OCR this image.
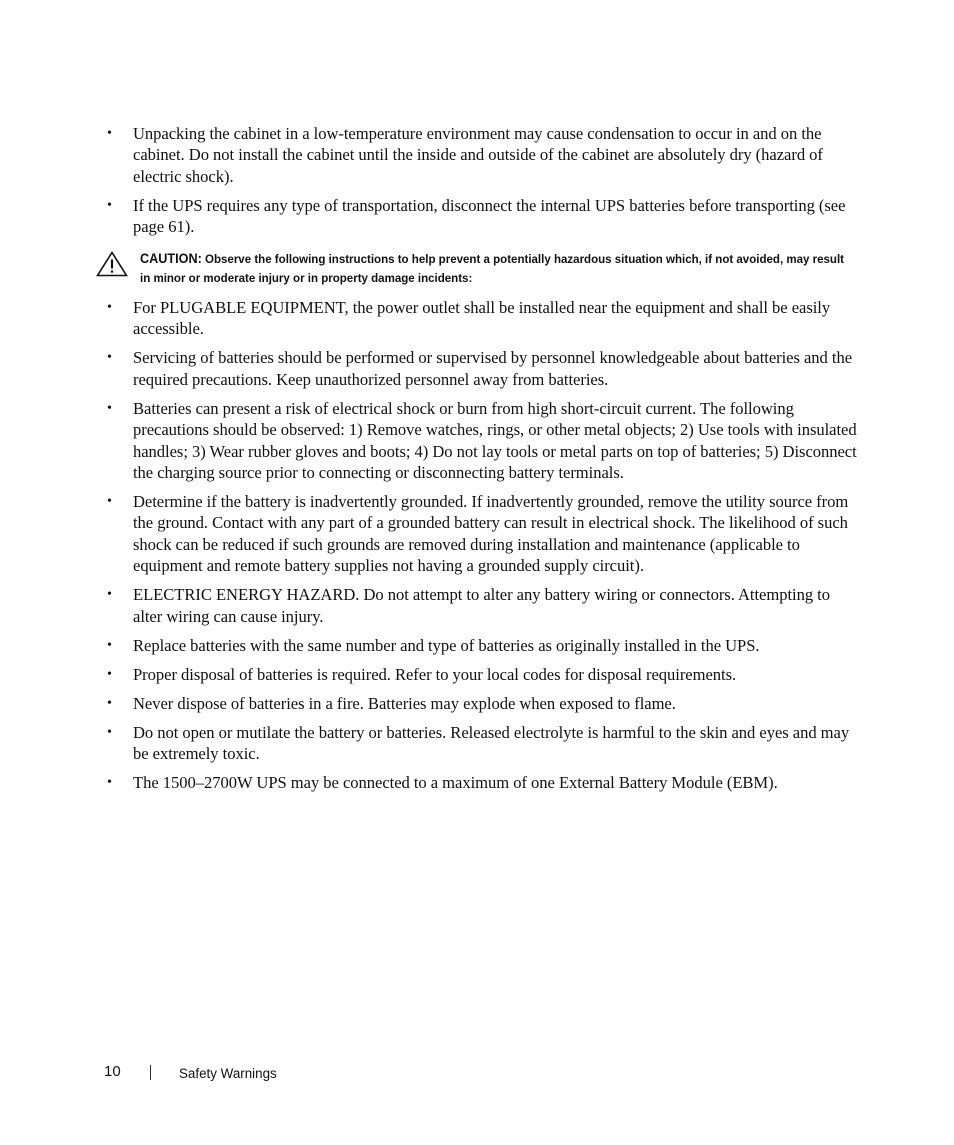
• Unpacking the cabinet in a low-temperature environment may cause condensation to occur in and on the cabinet. Do not install the cabinet until the inside and outside of the cabinet are absolutely dry (hazard of electric shock).
• If the UPS requires any type of transportation, disconnect the internal UPS batteries before transporting (see page 61).
CAUTION: Observe the following instructions to help prevent a potentially hazardous situation which, if not avoided, may result in minor or moderate injury or in property damage incidents:
• For PLUGABLE EQUIPMENT, the power outlet shall be installed near the equipment and shall be easily accessible.
• Servicing of batteries should be performed or supervised by personnel knowledgeable about batteries and the required precautions. Keep unauthorized personnel away from batteries.
• Batteries can present a risk of electrical shock or burn from high short-circuit current. The following precautions should be observed: 1) Remove watches, rings, or other metal objects; 2) Use tools with insulated handles; 3) Wear rubber gloves and boots; 4) Do not lay tools or metal parts on top of batteries; 5) Disconnect the charging source prior to connecting or disconnecting battery terminals.
• Determine if the battery is inadvertently grounded. If inadvertently grounded, remove the utility source from the ground. Contact with any part of a grounded battery can result in electrical shock. The likelihood of such shock can be reduced if such grounds are removed during installation and maintenance (applicable to equipment and remote battery supplies not having a grounded supply circuit).
• ELECTRIC ENERGY HAZARD. Do not attempt to alter any battery wiring or connectors. Attempting to alter wiring can cause injury.
• Replace batteries with the same number and type of batteries as originally installed in the UPS.
• Proper disposal of batteries is required. Refer to your local codes for disposal requirements.
• Never dispose of batteries in a fire. Batteries may explode when exposed to flame.
• Do not open or mutilate the battery or batteries. Released electrolyte is harmful to the skin and eyes and may be extremely toxic.
• The 1500–2700W UPS may be connected to a maximum of one External Battery Module (EBM).
10	Safety Warnings
